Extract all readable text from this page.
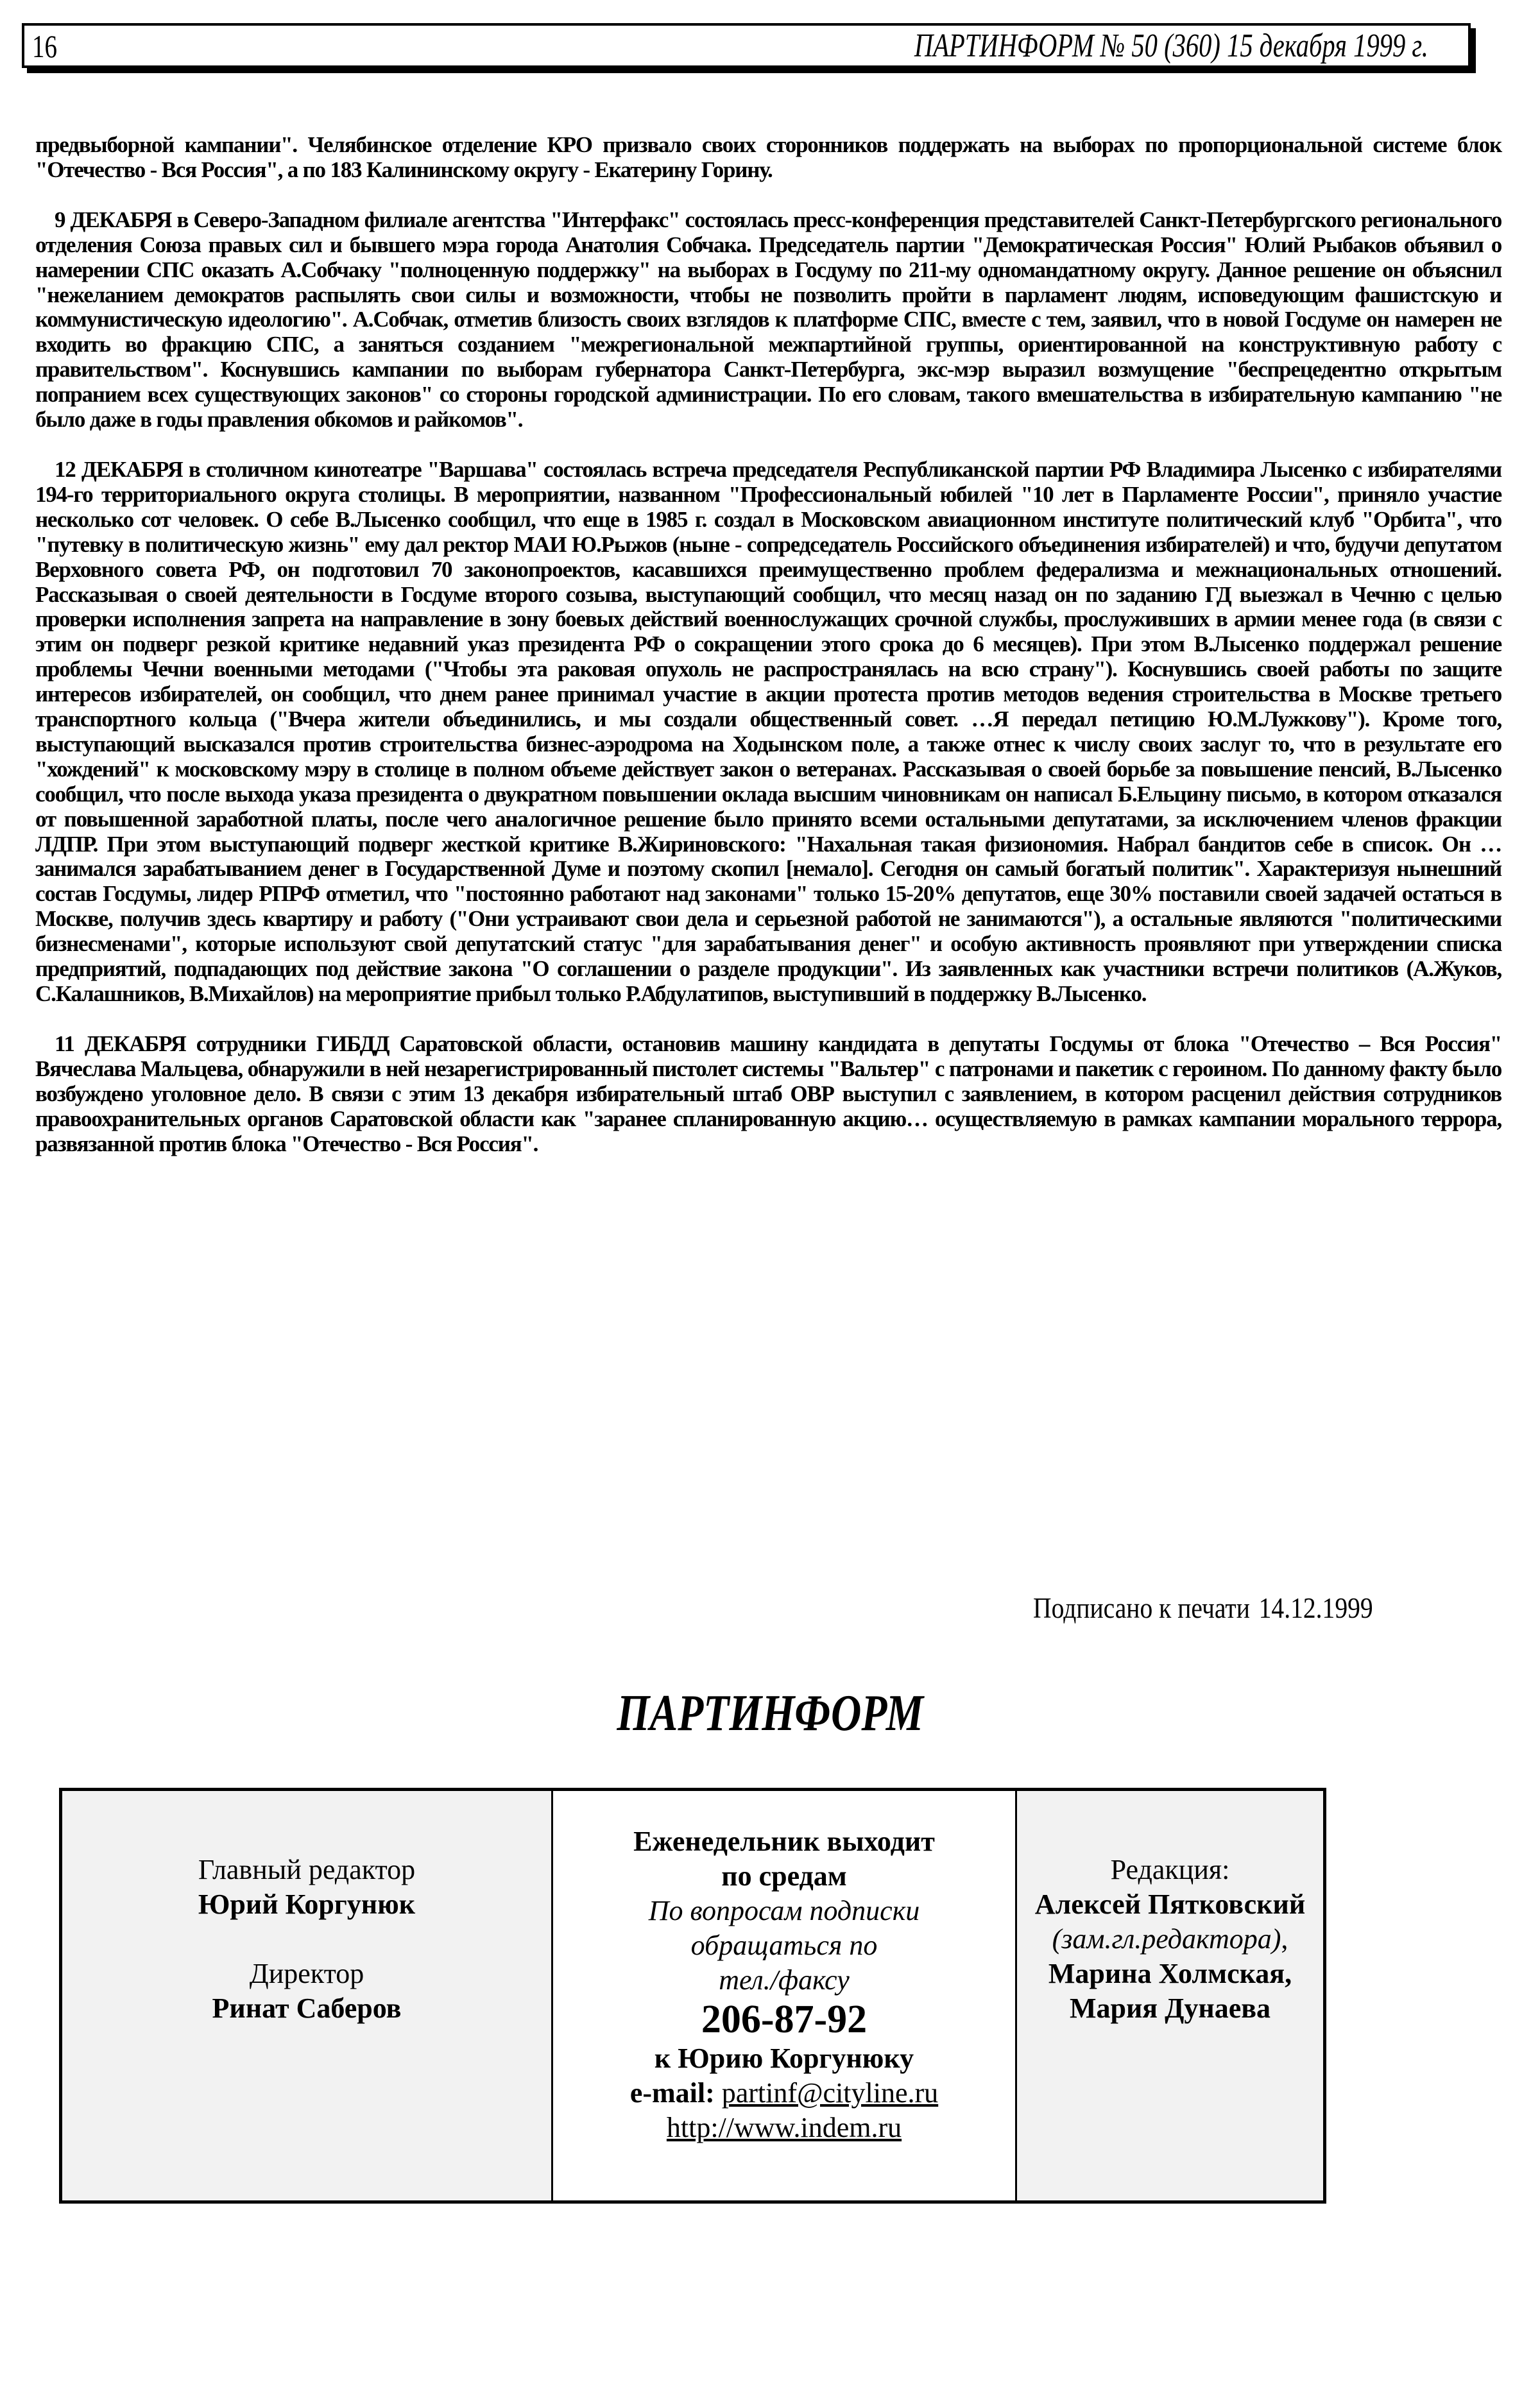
16	ПАРТИНФОРМ № 50 (360) 15 декабря 1999 г.

предвыборной кампании". Челябинское отделение КРО призвало своих сторонников поддержать на выборах по пропорциональной системе блок "Отечество - Вся Россия", а по 183 Калининскому округу - Екатерину Горину.

9 ДЕКАБРЯ в Северо-Западном филиале агентства "Интерфакс" состоялась пресс-конференция представителей Санкт-Петербургского регионального отделения Союза правых сил и бывшего мэра города Анатолия Собчака. Председатель партии "Демократическая Россия" Юлий Рыбаков объявил о намерении СПС оказать А.Собчаку "полноценную поддержку" на выборах в Госдуму по 211-му одномандатному округу. Данное решение он объяснил "нежеланием демократов распылять свои силы и возможности, чтобы не позволить пройти в парламент людям, исповедующим фашистскую и коммунистическую идеологию". А.Собчак, отметив близость своих взглядов к платформе СПС, вместе с тем, заявил, что в новой Госдуме он намерен не входить во фракцию СПС, а заняться созданием "межрегиональной межпартийной группы, ориентированной на конструктивную работу с правительством". Коснувшись кампании по выборам губернатора Санкт-Петербурга, экс-мэр выразил возмущение "беспрецедентно открытым попранием всех существующих законов" со стороны городской администрации. По его словам, такого вмешательства в избирательную кампанию "не было даже в годы правления обкомов и райкомов".

12 ДЕКАБРЯ в столичном кинотеатре "Варшава" состоялась встреча председателя Республиканской партии РФ Владимира Лысенко с избирателями 194-го территориального округа столицы. В мероприятии, названном "Профессиональный юбилей "10 лет в Парламенте России", приняло участие несколько сот человек. О себе В.Лысенко сообщил, что еще в 1985 г. создал в Московском авиационном институте политический клуб "Орбита", что "путевку в политическую жизнь" ему дал ректор МАИ Ю.Рыжов (ныне - сопредседатель Российского объединения избирателей) и что, будучи депутатом Верховного совета РФ, он подготовил 70 законопроектов, касавшихся преимущественно проблем федерализма и межнациональных отношений. Рассказывая о своей деятельности в Госдуме второго созыва, выступающий сообщил, что месяц назад он по заданию ГД выезжал в Чечню с целью проверки исполнения запрета на направление в зону боевых действий военнослужащих срочной службы, прослуживших в армии менее года (в связи с этим он подверг резкой критике недавний указ президента РФ о сокращении этого срока до 6 месяцев). При этом В.Лысенко поддержал решение проблемы Чечни военными методами ("Чтобы эта раковая опухоль не распространялась на всю страну"). Коснувшись своей работы по защите интересов избирателей, он сообщил, что днем ранее принимал участие в акции протеста против методов ведения строительства в Москве третьего транспортного кольца ("Вчера жители объединились, и мы создали общественный совет. …Я передал петицию Ю.М.Лужкову"). Кроме того, выступающий высказался против строительства бизнес-аэродрома на Ходынском поле, а также отнес к числу своих заслуг то, что в результате его "хождений" к московскому мэру в столице в полном объеме действует закон о ветеранах. Рассказывая о своей борьбе за повышение пенсий, В.Лысенко сообщил, что после выхода указа президента о двукратном повышении оклада высшим чиновникам он написал Б.Ельцину письмо, в котором отказался от повышенной заработной платы, после чего аналогичное решение было принято всеми остальными депутатами, за исключением членов фракции ЛДПР. При этом выступающий подверг жесткой критике В.Жириновского: "Нахальная такая физиономия. Набрал бандитов себе в список. Он …занимался зарабатыванием денег в Государственной Думе и поэтому скопил [немало]. Сегодня он самый богатый политик". Характеризуя нынешний состав Госдумы, лидер РПРФ отметил, что "постоянно работают над законами" только 15-20% депутатов, еще 30% поставили своей задачей остаться в Москве, получив здесь квартиру и работу ("Они устраивают свои дела и серьезной работой не занимаются"), а остальные являются "политическими бизнесменами", которые используют свой депутатский статус "для зарабатывания денег" и особую активность проявляют при утверждении списка предприятий, подпадающих под действие закона "О соглашении о разделе продукции". Из заявленных как участники встречи политиков (А.Жуков, С.Калашников, В.Михайлов) на мероприятие прибыл только Р.Абдулатипов, выступивший в поддержку В.Лысенко.

11 ДЕКАБРЯ сотрудники ГИБДД Саратовской области, остановив машину кандидата в депутаты Госдумы от блока "Отечество – Вся Россия" Вячеслава Мальцева, обнаружили в ней незарегистрированный пистолет системы "Вальтер" с патронами и пакетик с героином. По данному факту было возбуждено уголовное дело. В связи с этим 13 декабря избирательный штаб ОВР выступил с заявлением, в котором расценил действия сотрудников правоохранительных органов Саратовской области как "заранее спланированную акцию… осуществляемую в рамках кампании морального террора, развязанной против блока "Отечество - Вся Россия".

Подписано к печати 14.12.1999
ПАРТИНФОРМ
Главный редактор
Юрий Коргунюк
Директор
Ринат Саберов
Еженедельник выходит
по средам
По вопросам подписки
обращаться по
тел./факсу
206-87-92
к Юрию Коргунюку
e-mail: partinf@cityline.ru
http://www.indem.ru
Редакция:
Алексей Пятковский
(зам.гл.редактора),
Марина Холмская,
Мария Дунаева
